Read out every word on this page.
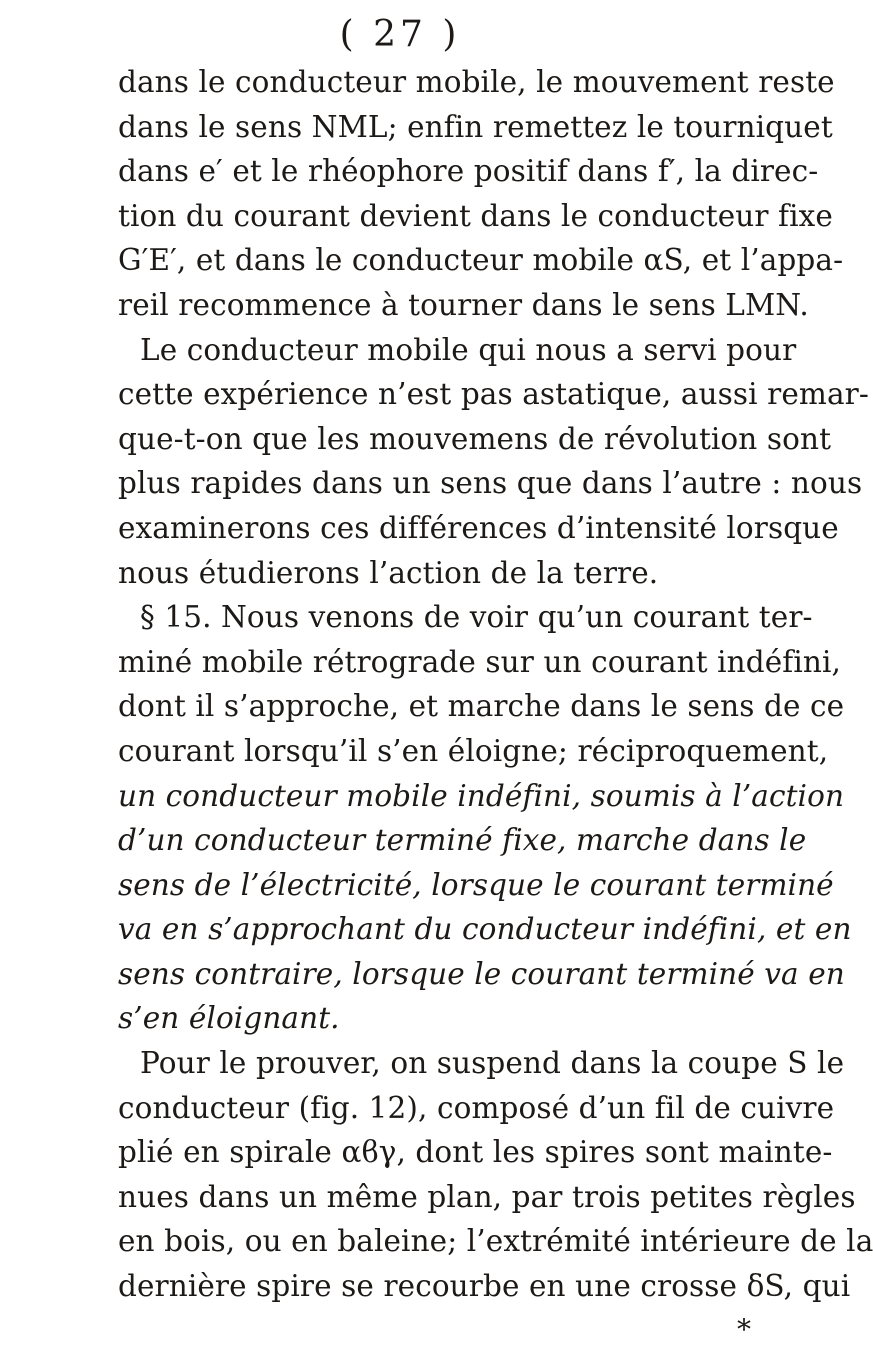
( 27 )
dans le conducteur mobile, le mouvement reste
dans le sens NML; enfin remettez le tourniquet
dans e′ et le rhéophore positif dans f′, la direc-
tion du courant devient dans le conducteur fixe
G′E′, et dans le conducteur mobile αS, et l’appa-
reil recommence à tourner dans le sens LMN.
Le conducteur mobile qui nous a servi pour
cette expérience n’est pas astatique, aussi remar-
que-t-on que les mouvemens de révolution sont
plus rapides dans un sens que dans l’autre : nous
examinerons ces différences d’intensité lorsque
nous étudierons l’action de la terre.
§ 15. Nous venons de voir qu’un courant ter-
miné mobile rétrograde sur un courant indéfini,
dont il s’approche, et marche dans le sens de ce
courant lorsqu’il s’en éloigne; réciproquement,
un conducteur mobile indéfini, soumis à l’action
d’un conducteur terminé fixe, marche dans le
sens de l’électricité, lorsque le courant terminé
va en s’approchant du conducteur indéfini, et en
sens contraire, lorsque le courant terminé va en
s’en éloignant.
Pour le prouver, on suspend dans la coupe S le
conducteur (fig. 12), composé d’un fil de cuivre
plié en spirale αϐγ, dont les spires sont mainte-
nues dans un même plan, par trois petites règles
en bois, ou en baleine; l’extrémité intérieure de la
dernière spire se recourbe en une crosse δS, qui
*
